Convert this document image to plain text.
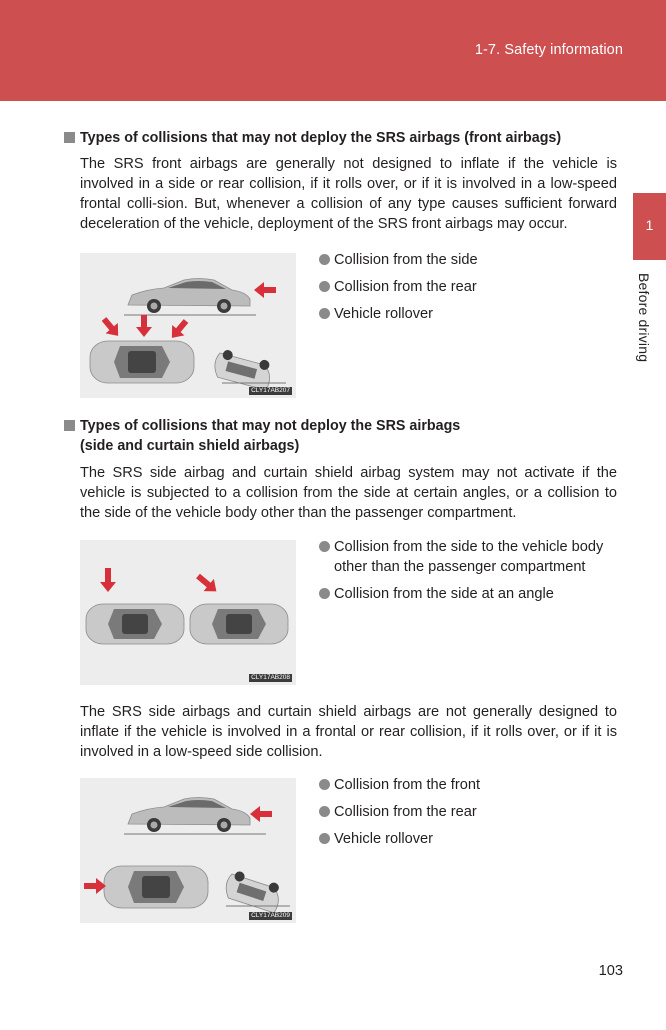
1-7. Safety information
1
Before driving
Types of collisions that may not deploy the SRS airbags (front airbags)
The SRS front airbags are generally not designed to inflate if the vehicle is involved in a side or rear collision, if it rolls over, or if it is involved in a low-speed frontal colli-sion. But, whenever a collision of any type causes sufficient forward deceleration of the vehicle, deployment of the SRS front airbags may occur.
CLY17AB207
Collision from the side
Collision from the rear
Vehicle rollover
Types of collisions that may not deploy the SRS airbags
(side and curtain shield airbags)
The SRS side airbag and curtain shield airbag system may not activate if the vehicle is subjected to a collision from the side at certain angles, or a collision to the side of the vehicle body other than the passenger compartment.
CLY17AB208
Collision from the side to the vehicle body other than the passenger compartment
Collision from the side at an angle
The SRS side airbags and curtain shield airbags are not generally designed to inflate if the vehicle is involved in a frontal or rear collision, if it rolls over, or if it is involved in a low-speed side collision.
CLY17AB209
Collision from the front
Collision from the rear
Vehicle rollover
103
